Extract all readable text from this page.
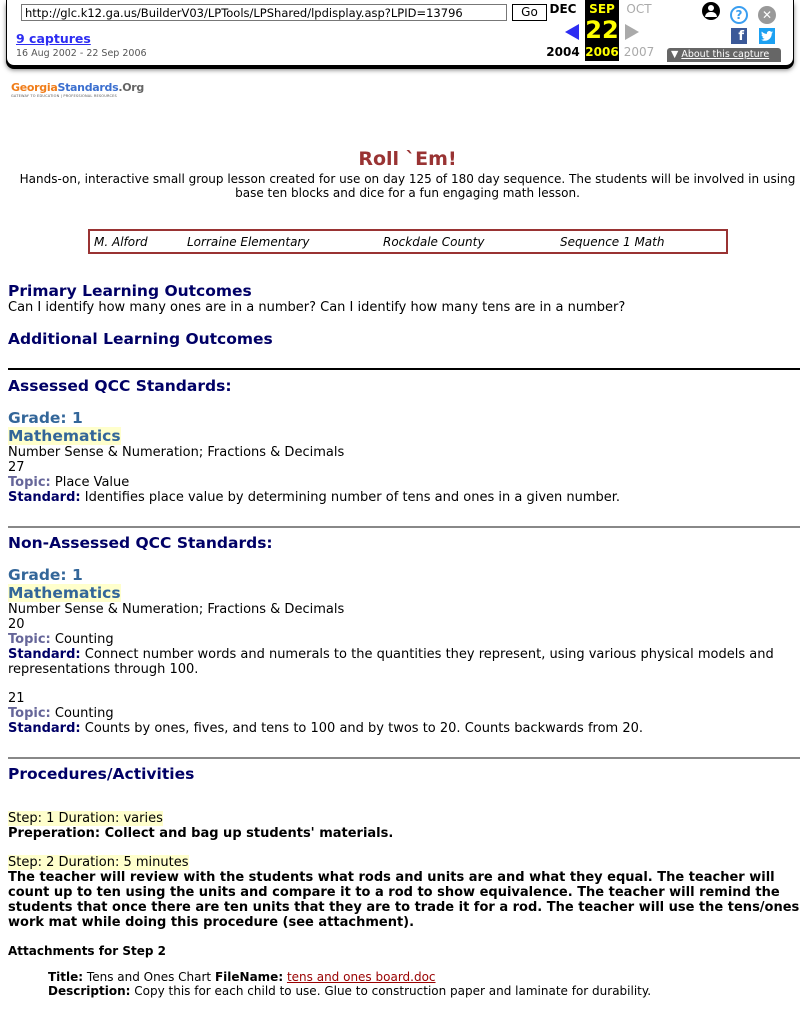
http://glc.k12.ga.us/BuilderV03/LPTools/LPShared/lpdisplay.asp?LPID=13796	Go
9 captures
16 Aug 2002 - 22 Sep 2006
DEC
2004
SEP
22
2006
OCT
2007
?	✕
f
▼ About this capture
GeorgiaStandards.Org
GATEWAY TO EDUCATION | PROFESSIONAL RESOURCES
Roll `Em!
Hands-on, interactive small group lesson created for use on day 125 of 180 day sequence. The students will be involved in using base ten blocks and dice for a fun engaging math lesson.
M. Alford	Lorraine Elementary	Rockdale County	Sequence 1 Math
Primary Learning Outcomes
Can I identify how many ones are in a number? Can I identify how many tens are in a number?
Additional Learning Outcomes
Assessed QCC Standards:
Grade: 1
Mathematics
Number Sense & Numeration; Fractions & Decimals
27
Topic: Place Value
Standard: Identifies place value by determining number of tens and ones in a given number.
Non-Assessed QCC Standards:
Grade: 1
Mathematics
Number Sense & Numeration; Fractions & Decimals
20
Topic: Counting
Standard: Connect number words and numerals to the quantities they represent, using various physical models and
representations through 100.
21
Topic: Counting
Standard: Counts by ones, fives, and tens to 100 and by twos to 20. Counts backwards from 20.
Procedures/Activities
Step: 1 Duration: varies
Preperation: Collect and bag up students' materials.
Step: 2 Duration: 5 minutes
The teacher will review with the students what rods and units are and what they equal. The teacher will count up to ten using the units and compare it to a rod to show equivalence. The teacher will remind the students that once there are ten units that they are to trade it for a rod. The teacher will use the tens/ones work mat while doing this procedure (see attachment).
Attachments for Step 2
Title: Tens and Ones Chart FileName: tens and ones board.doc
Description: Copy this for each child to use. Glue to construction paper and laminate for durability.
